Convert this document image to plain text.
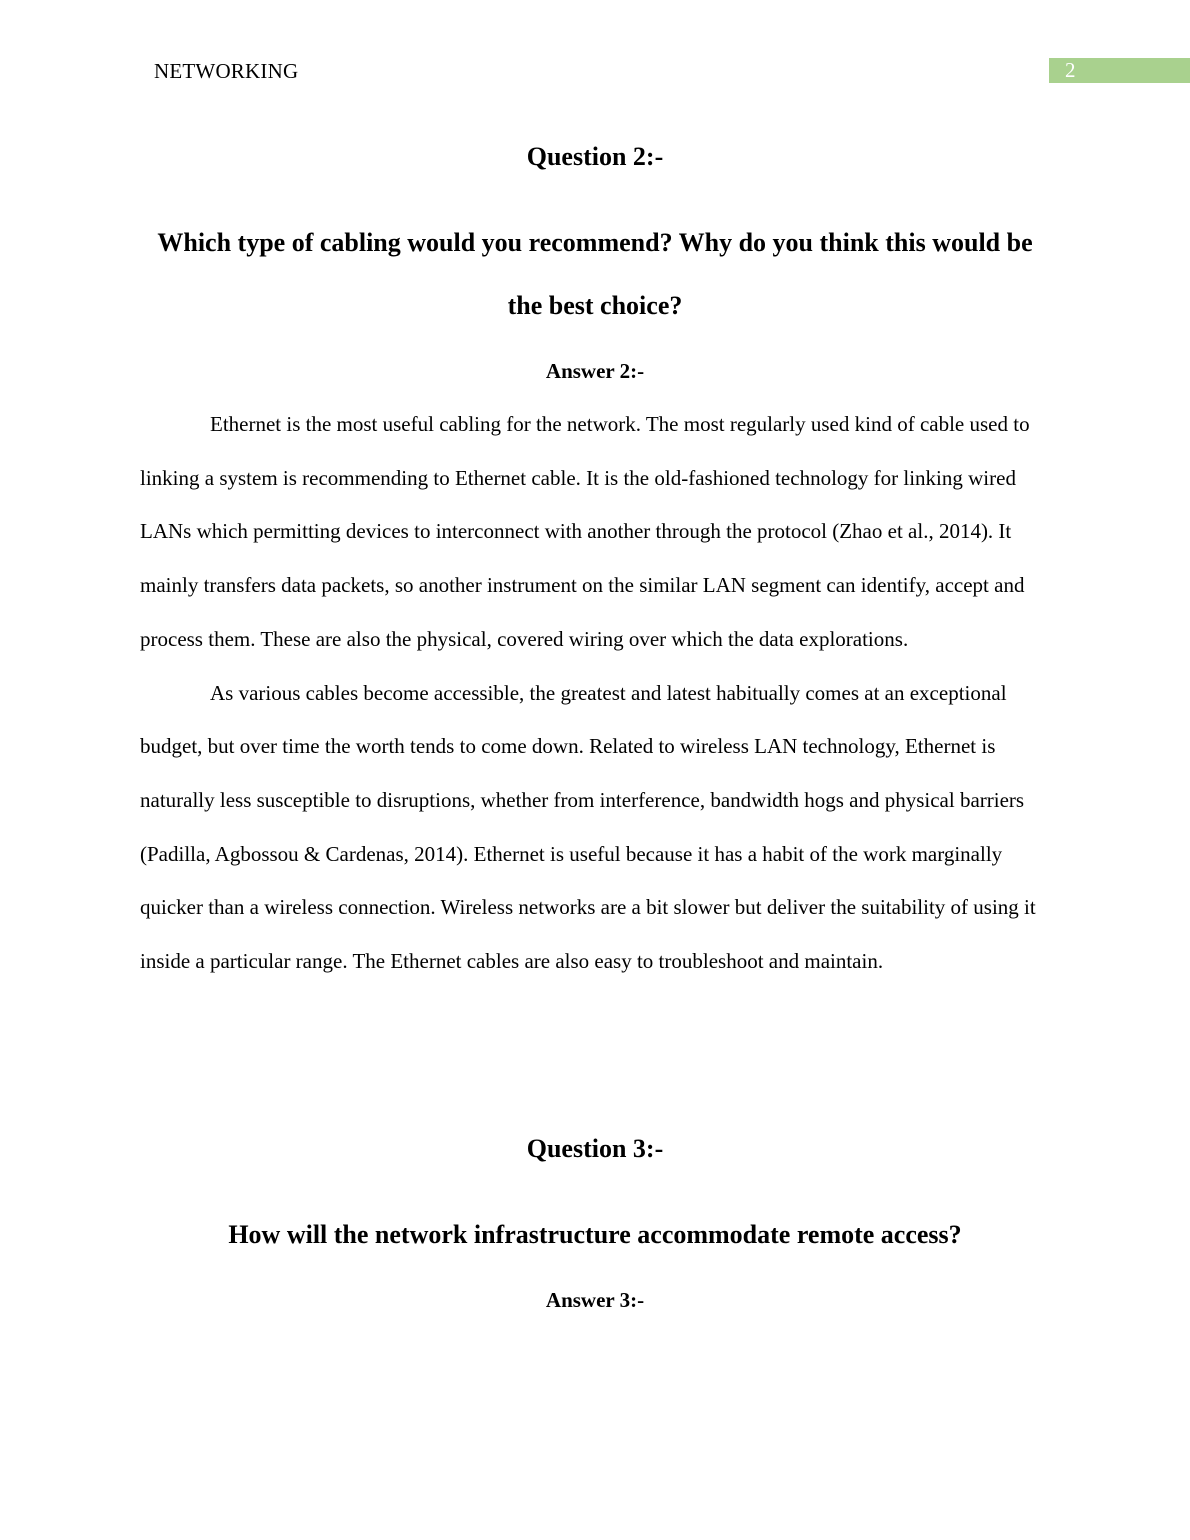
NETWORKING	2
Question 2:-
Which type of cabling would you recommend? Why do you think this would be the best choice?
Answer 2:-

Ethernet is the most useful cabling for the network. The most regularly used kind of cable used to linking a system is recommending to Ethernet cable. It is the old-fashioned technology for linking wired LANs which permitting devices to interconnect with another through the protocol (Zhao et al., 2014). It mainly transfers data packets, so another instrument on the similar LAN segment can identify, accept and process them. These are also the physical, covered wiring over which the data explorations.

As various cables become accessible, the greatest and latest habitually comes at an exceptional budget, but over time the worth tends to come down. Related to wireless LAN technology, Ethernet is naturally less susceptible to disruptions, whether from interference, bandwidth hogs and physical barriers (Padilla, Agbossou & Cardenas, 2014). Ethernet is useful because it has a habit of the work marginally quicker than a wireless connection. Wireless networks are a bit slower but deliver the suitability of using it inside a particular range. The Ethernet cables are also easy to troubleshoot and maintain.

Question 3:-
How will the network infrastructure accommodate remote access?
Answer 3:-
